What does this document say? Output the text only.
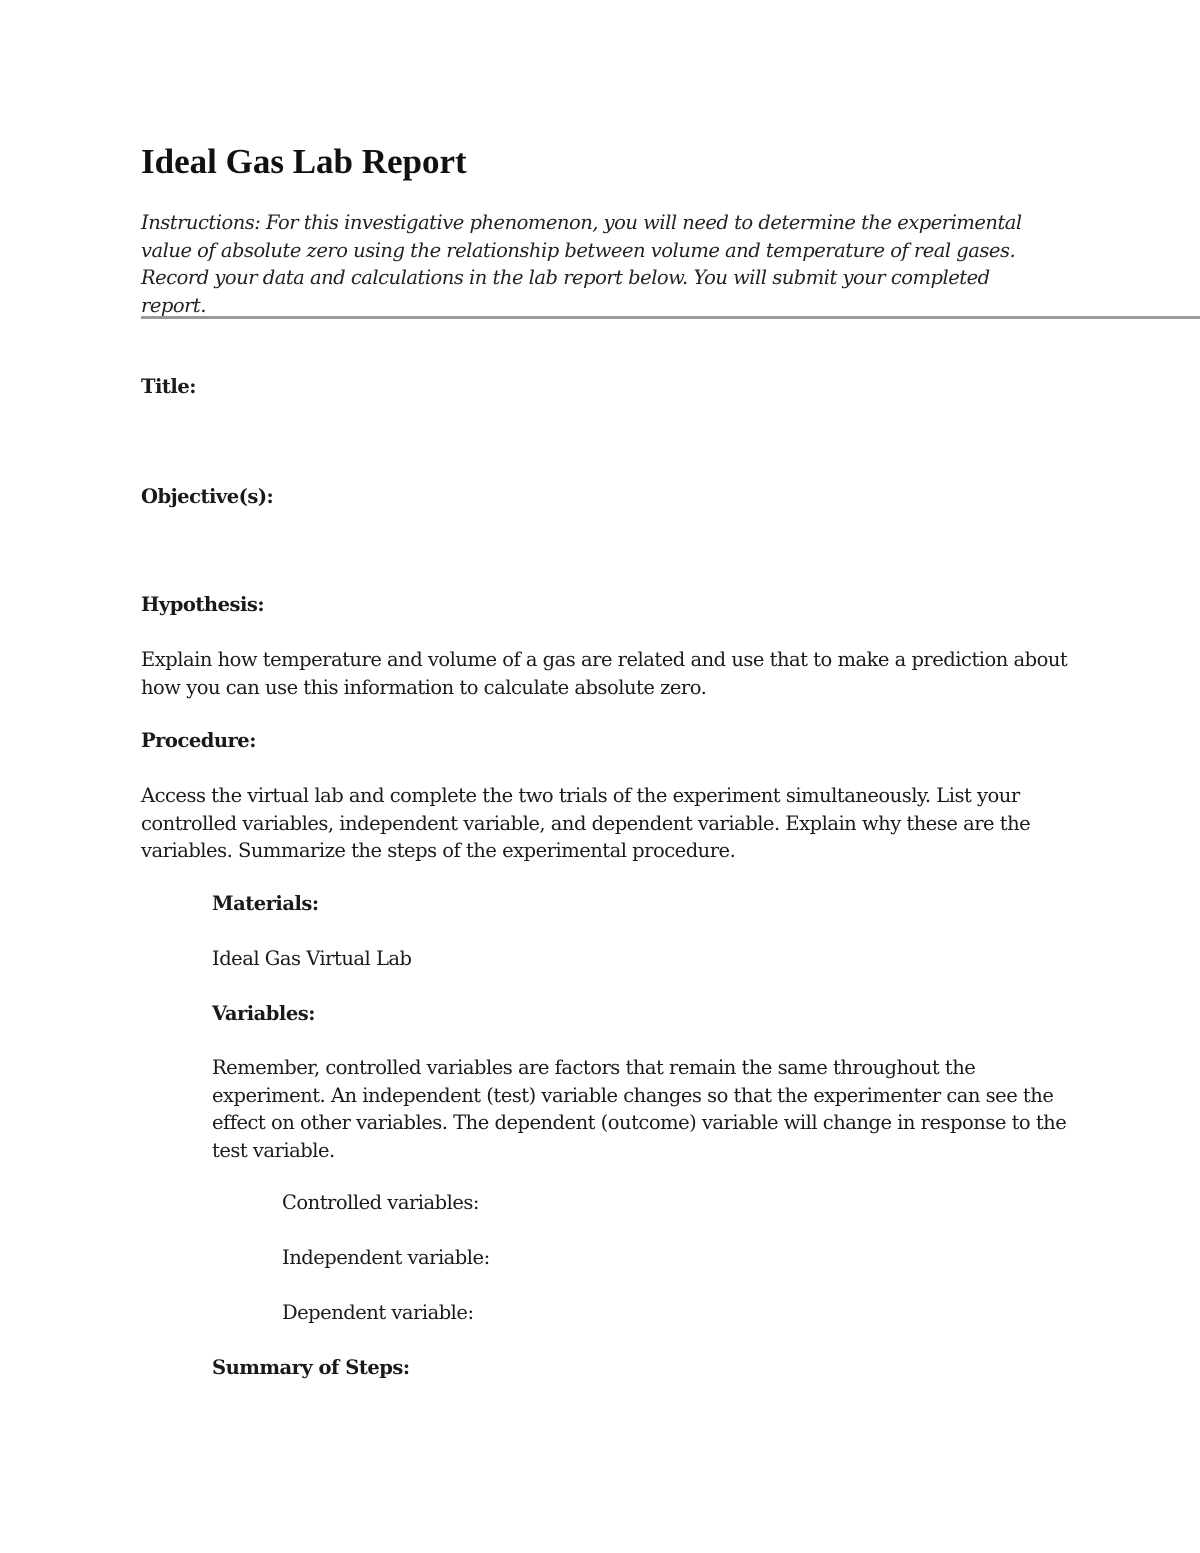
Ideal Gas Lab Report

Instructions: For this investigative phenomenon, you will need to determine the experimental value of absolute zero using the relationship between volume and temperature of real gases. Record your data and calculations in the lab report below. You will submit your completed report.

Title:

Objective(s):

Hypothesis:

Explain how temperature and volume of a gas are related and use that to make a prediction about how you can use this information to calculate absolute zero.

Procedure:

Access the virtual lab and complete the two trials of the experiment simultaneously. List your controlled variables, independent variable, and dependent variable. Explain why these are the variables. Summarize the steps of the experimental procedure.

Materials:

Ideal Gas Virtual Lab

Variables:

Remember, controlled variables are factors that remain the same throughout the experiment. An independent (test) variable changes so that the experimenter can see the effect on other variables. The dependent (outcome) variable will change in response to the test variable.

Controlled variables:

Independent variable:

Dependent variable:

Summary of Steps:
